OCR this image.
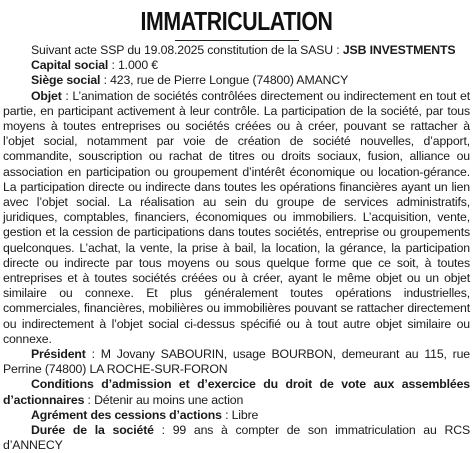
IMMATRICULATION

Suivant acte SSP du 19.08.2025 constitution de la SASU : JSB INVESTMENTS

Capital social : 1.000 €

Siège social : 423, rue de Pierre Longue (74800) AMANCY

Objet : L’animation de sociétés contrôlées directement ou indirectement en tout et partie, en participant activement à leur contrôle. La participation de la société, par tous moyens à toutes entreprises ou sociétés créées ou à créer, pouvant se rattacher à l’objet social, notamment par voie de création de société nouvelles, d’apport, commandite, souscription ou rachat de titres ou droits sociaux, fusion, alliance ou association en participation ou groupement d’intérêt économique ou location-gérance. La participation directe ou indirecte dans toutes les opérations financières ayant un lien avec l’objet social. La réalisation au sein du groupe de services administratifs, juridiques, comptables, financiers, économiques ou immobiliers. L’acquisition, vente, gestion et la cession de participations dans toutes sociétés, entreprise ou groupements quelconques. L’achat, la vente, la prise à bail, la location, la gérance, la participation directe ou indirecte par tous moyens ou sous quelque forme que ce soit, à toutes entreprises et à toutes sociétés créées ou à créer, ayant le même objet ou un objet similaire ou connexe. Et plus généralement toutes opérations industrielles, commerciales, financières, mobilières ou immobilières pouvant se rattacher directement ou indirectement à l’objet social ci-dessus spécifié ou à tout autre objet similaire ou connexe.

Président : M Jovany SABOURIN, usage BOURBON, demeurant au 115, rue Perrine (74800) LA ROCHE-SUR-FORON

Conditions d’admission et d’exercice du droit de vote aux assemblées d’actionnaires : Détenir au moins une action

Agrément des cessions d’actions : Libre

Durée de la société : 99 ans à compter de son immatriculation au RCS d’ANNECY
